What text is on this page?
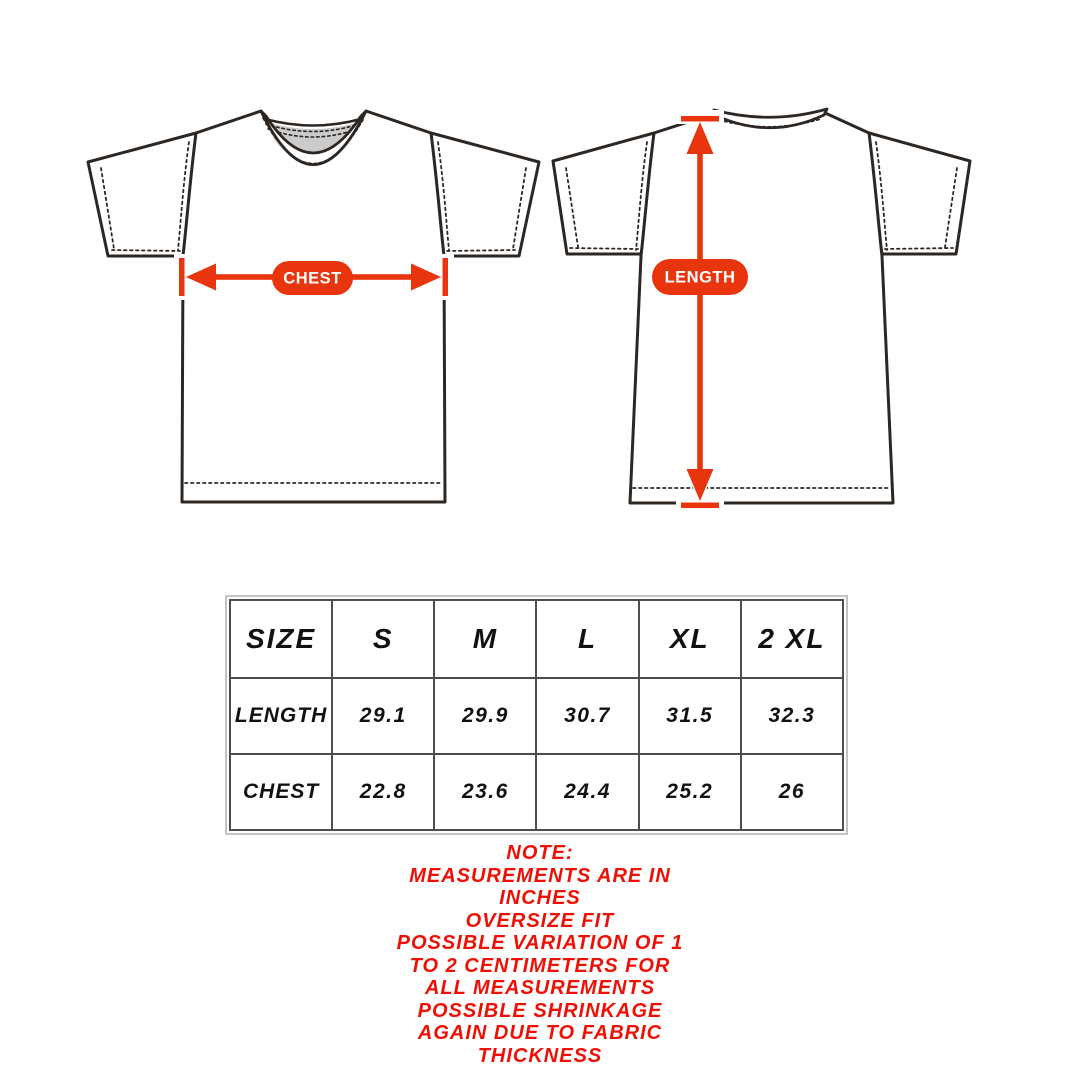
CHEST	LENGTH
SIZE	S	M	L	XL	2 XL
LENGTH	29.1	29.9	30.7	31.5	32.3
CHEST	22.8	23.6	24.4	25.2	26
NOTE:
MEASUREMENTS ARE IN
INCHES
OVERSIZE FIT
POSSIBLE VARIATION OF 1
TO 2 CENTIMETERS FOR
ALL MEASUREMENTS
POSSIBLE SHRINKAGE
AGAIN DUE TO FABRIC
THICKNESS
